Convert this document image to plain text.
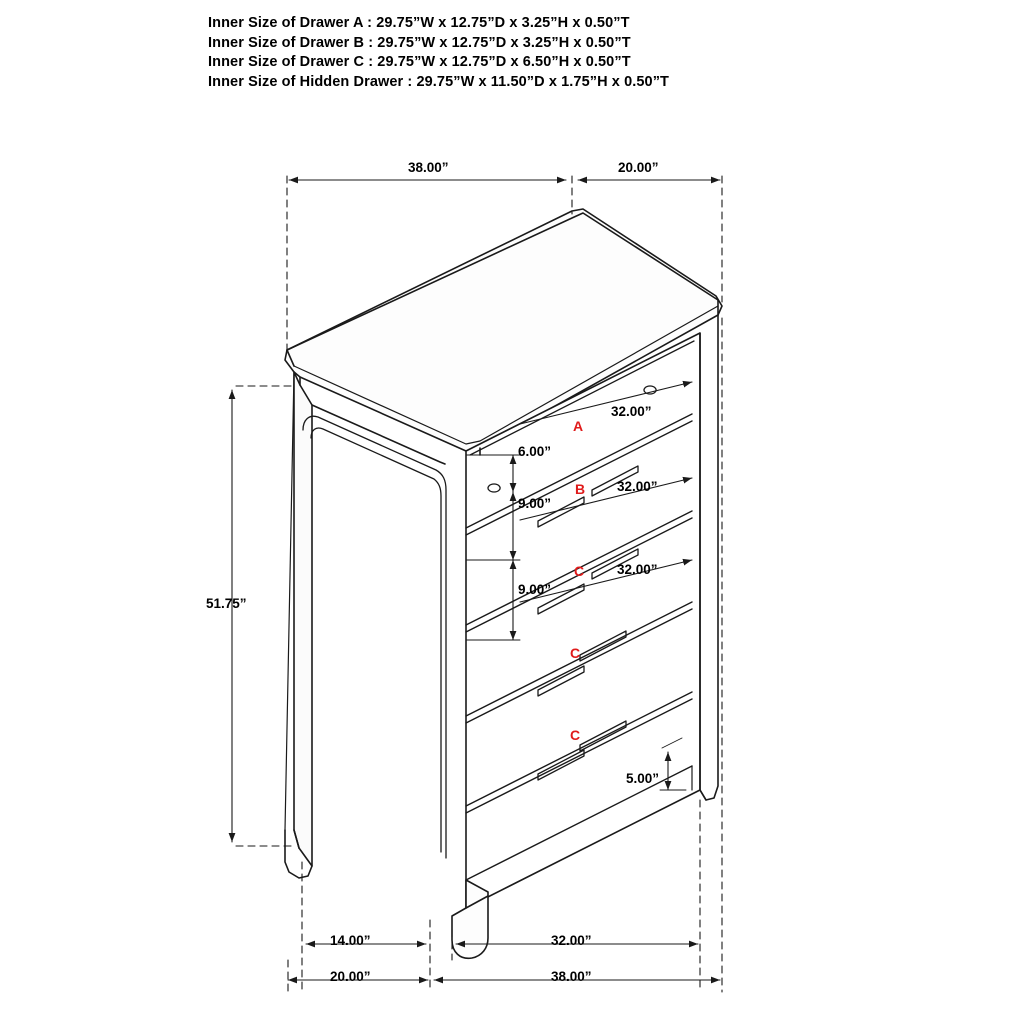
Inner Size of Drawer A : 29.75”W x 12.75”D x 3.25”H x 0.50”T
Inner Size of Drawer B : 29.75”W x 12.75”D x 3.25”H x 0.50”T
Inner Size of Drawer C : 29.75”W x 12.75”D x 6.50”H x 0.50”T
Inner Size of Hidden Drawer : 29.75”W x 11.50”D x 1.75”H x 0.50”T
38.00”	20.00”
51.75”
32.00”
6.00”
32.00”
9.00”
32.00”
9.00”
5.00”
14.00”	32.00”
20.00”	38.00”
A
B
C
C
C
